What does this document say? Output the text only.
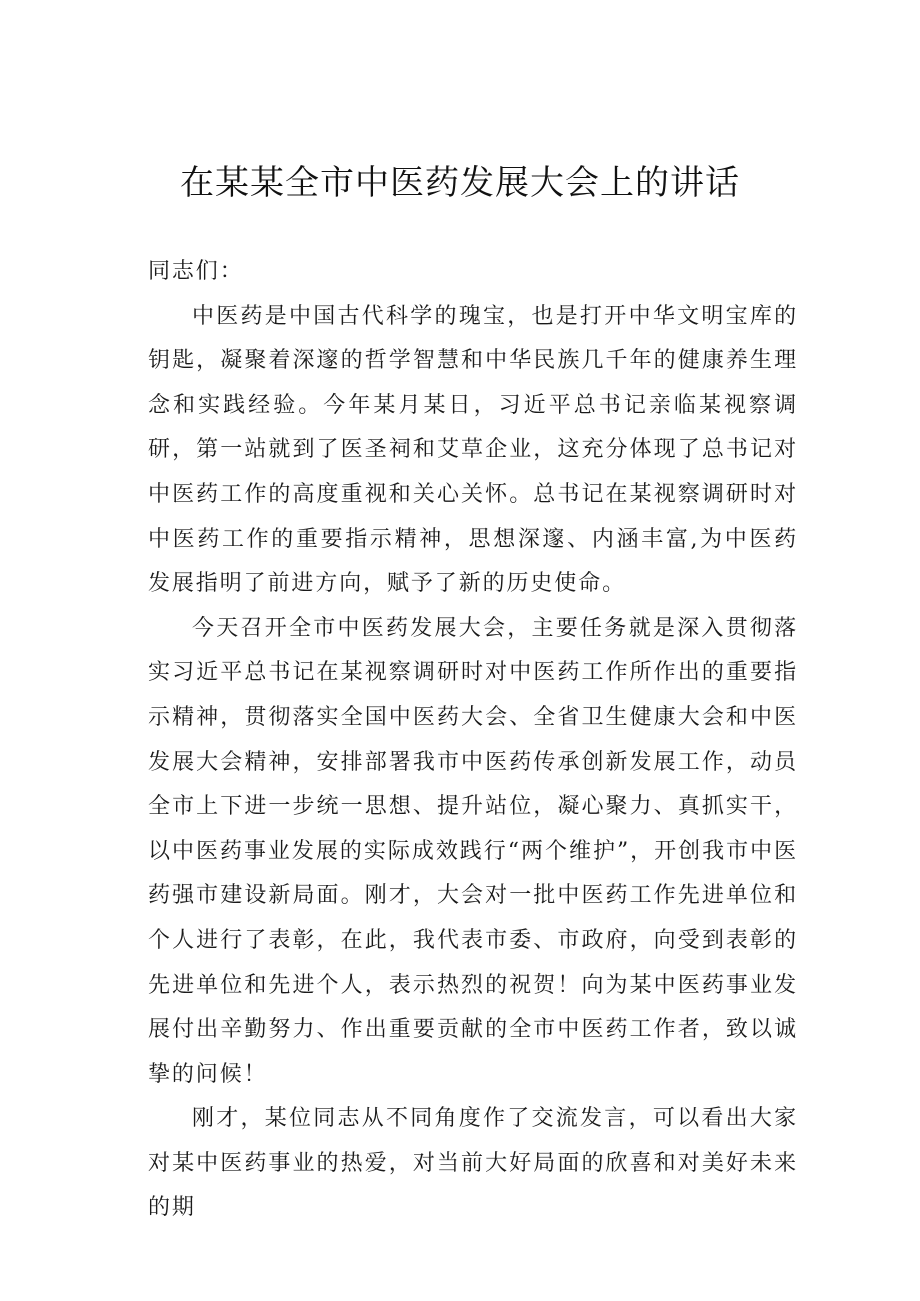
在某某全市中医药发展大会上的讲话

同志们：

中医药是中国古代科学的瑰宝，也是打开中华文明宝库的钥匙，凝聚着深邃的哲学智慧和中华民族几千年的健康养生理念和实践经验。今年某月某日，习近平总书记亲临某视察调研，第一站就到了医圣祠和艾草企业，这充分体现了总书记对中医药工作的高度重视和关心关怀。总书记在某视察调研时对中医药工作的重要指示精神，思想深邃、内涵丰富,为中医药发展指明了前进方向，赋予了新的历史使命。

今天召开全市中医药发展大会，主要任务就是深入贯彻落实习近平总书记在某视察调研时对中医药工作所作出的重要指示精神，贯彻落实全国中医药大会、全省卫生健康大会和中医发展大会精神，安排部署我市中医药传承创新发展工作，动员全市上下进一步统一思想、提升站位，凝心聚力、真抓实干，以中医药事业发展的实际成效践行“两个维护”，开创我市中医药强市建设新局面。刚才，大会对一批中医药工作先进单位和个人进行了表彰，在此，我代表市委、市政府，向受到表彰的先进单位和先进个人，表示热烈的祝贺！向为某中医药事业发展付出辛勤努力、作出重要贡献的全市中医药工作者，致以诚挚的问候！

刚才，某位同志从不同角度作了交流发言，可以看出大家对某中医药事业的热爱，对当前大好局面的欣喜和对美好未来的期
